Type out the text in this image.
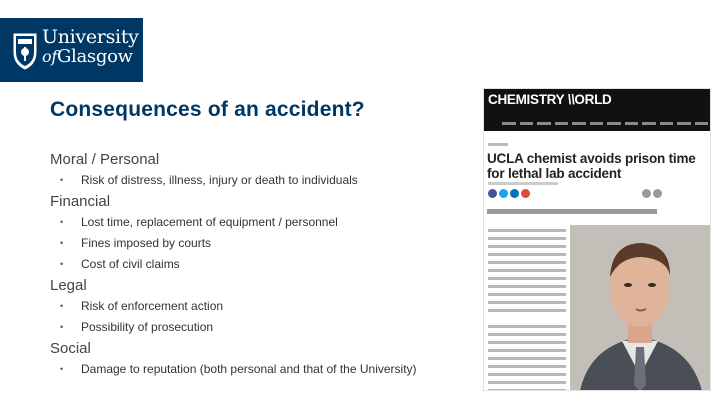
University
ofGlasgow
Consequences of an accident?
Moral / Personal
• Risk of distress, illness, injury or death to individuals
Financial
• Lost time, replacement of equipment / personnel
• Fines imposed by courts
• Cost of civil claims
Legal
• Risk of enforcement action
• Possibility of prosecution
Social
• Damage to reputation (both personal and that of the University)
CHEMISTRY \\ORLD
UCLA chemist avoids prison time for lethal lab accident
